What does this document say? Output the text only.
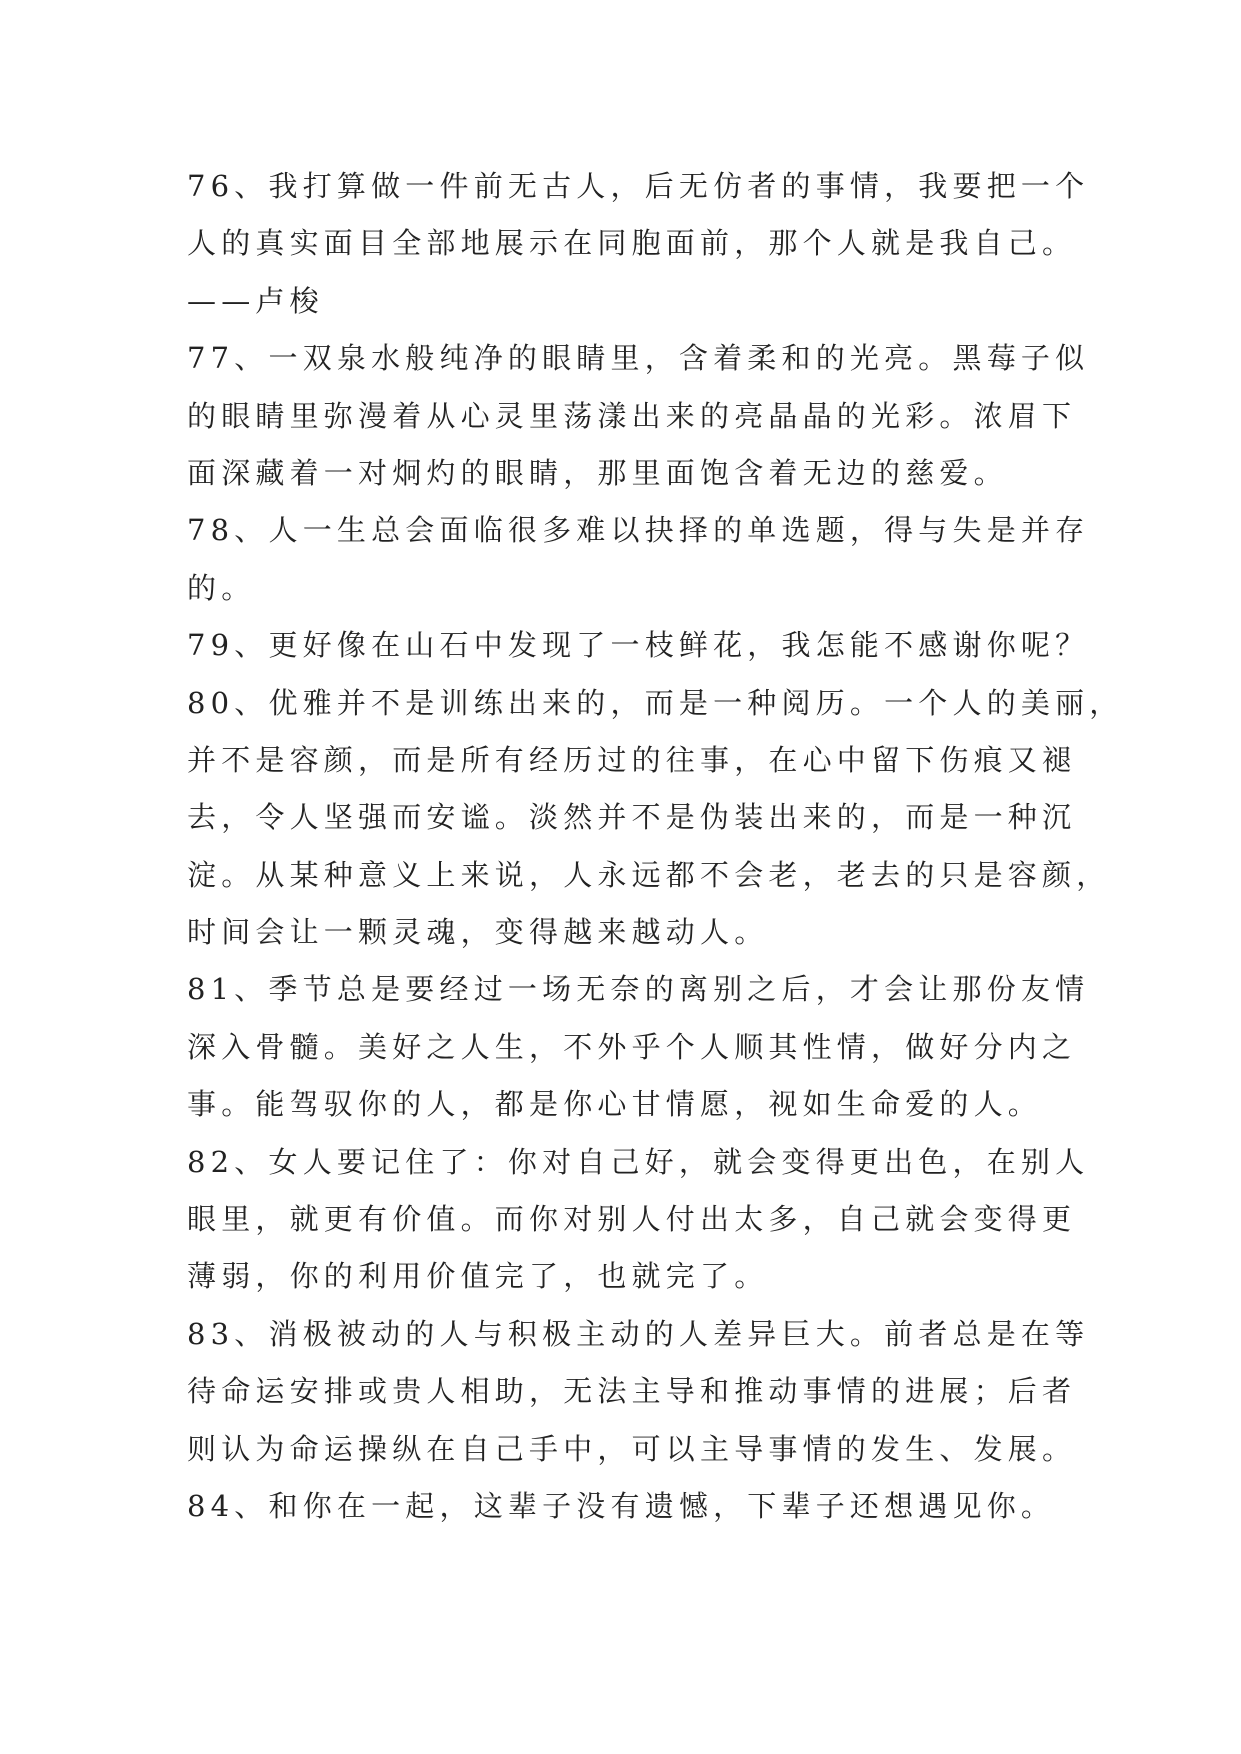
76、我打算做一件前无古人，后无仿者的事情，我要把一个
人的真实面目全部地展示在同胞面前，那个人就是我自己。
——卢梭
77、一双泉水般纯净的眼睛里，含着柔和的光亮。黑莓子似
的眼睛里弥漫着从心灵里荡漾出来的亮晶晶的光彩。浓眉下
面深藏着一对炯灼的眼睛，那里面饱含着无边的慈爱。
78、人一生总会面临很多难以抉择的单选题，得与失是并存
的。
79、更好像在山石中发现了一枝鲜花，我怎能不感谢你呢？
80、优雅并不是训练出来的，而是一种阅历。一个人的美丽，
并不是容颜，而是所有经历过的往事，在心中留下伤痕又褪
去，令人坚强而安谧。淡然并不是伪装出来的，而是一种沉
淀。从某种意义上来说，人永远都不会老，老去的只是容颜，
时间会让一颗灵魂，变得越来越动人。
81、季节总是要经过一场无奈的离别之后，才会让那份友情
深入骨髓。美好之人生，不外乎个人顺其性情，做好分内之
事。能驾驭你的人，都是你心甘情愿，视如生命爱的人。
82、女人要记住了：你对自己好，就会变得更出色，在别人
眼里，就更有价值。而你对别人付出太多，自己就会变得更
薄弱，你的利用价值完了，也就完了。
83、消极被动的人与积极主动的人差异巨大。前者总是在等
待命运安排或贵人相助，无法主导和推动事情的进展；后者
则认为命运操纵在自己手中，可以主导事情的发生、发展。
84、和你在一起，这辈子没有遗憾，下辈子还想遇见你。
